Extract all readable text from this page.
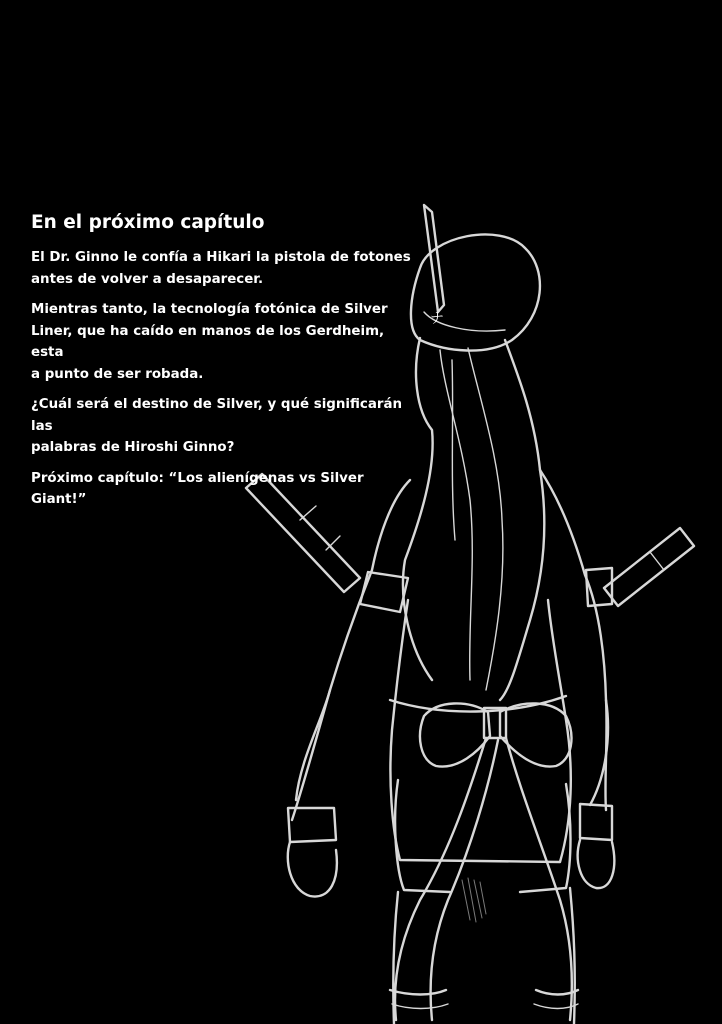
En el próximo capítulo

El Dr. Ginno le confía a Hikari la pistola de fotones
antes de volver a desaparecer.

Mientras tanto, la tecnología fotónica de Silver
Liner, que ha caído en manos de los Gerdheim, esta
a punto de ser robada.

¿Cuál será el destino de Silver, y qué significarán las
palabras de Hiroshi Ginno?

Próximo capítulo: “Los alienígenas vs Silver Giant!”

ナ
